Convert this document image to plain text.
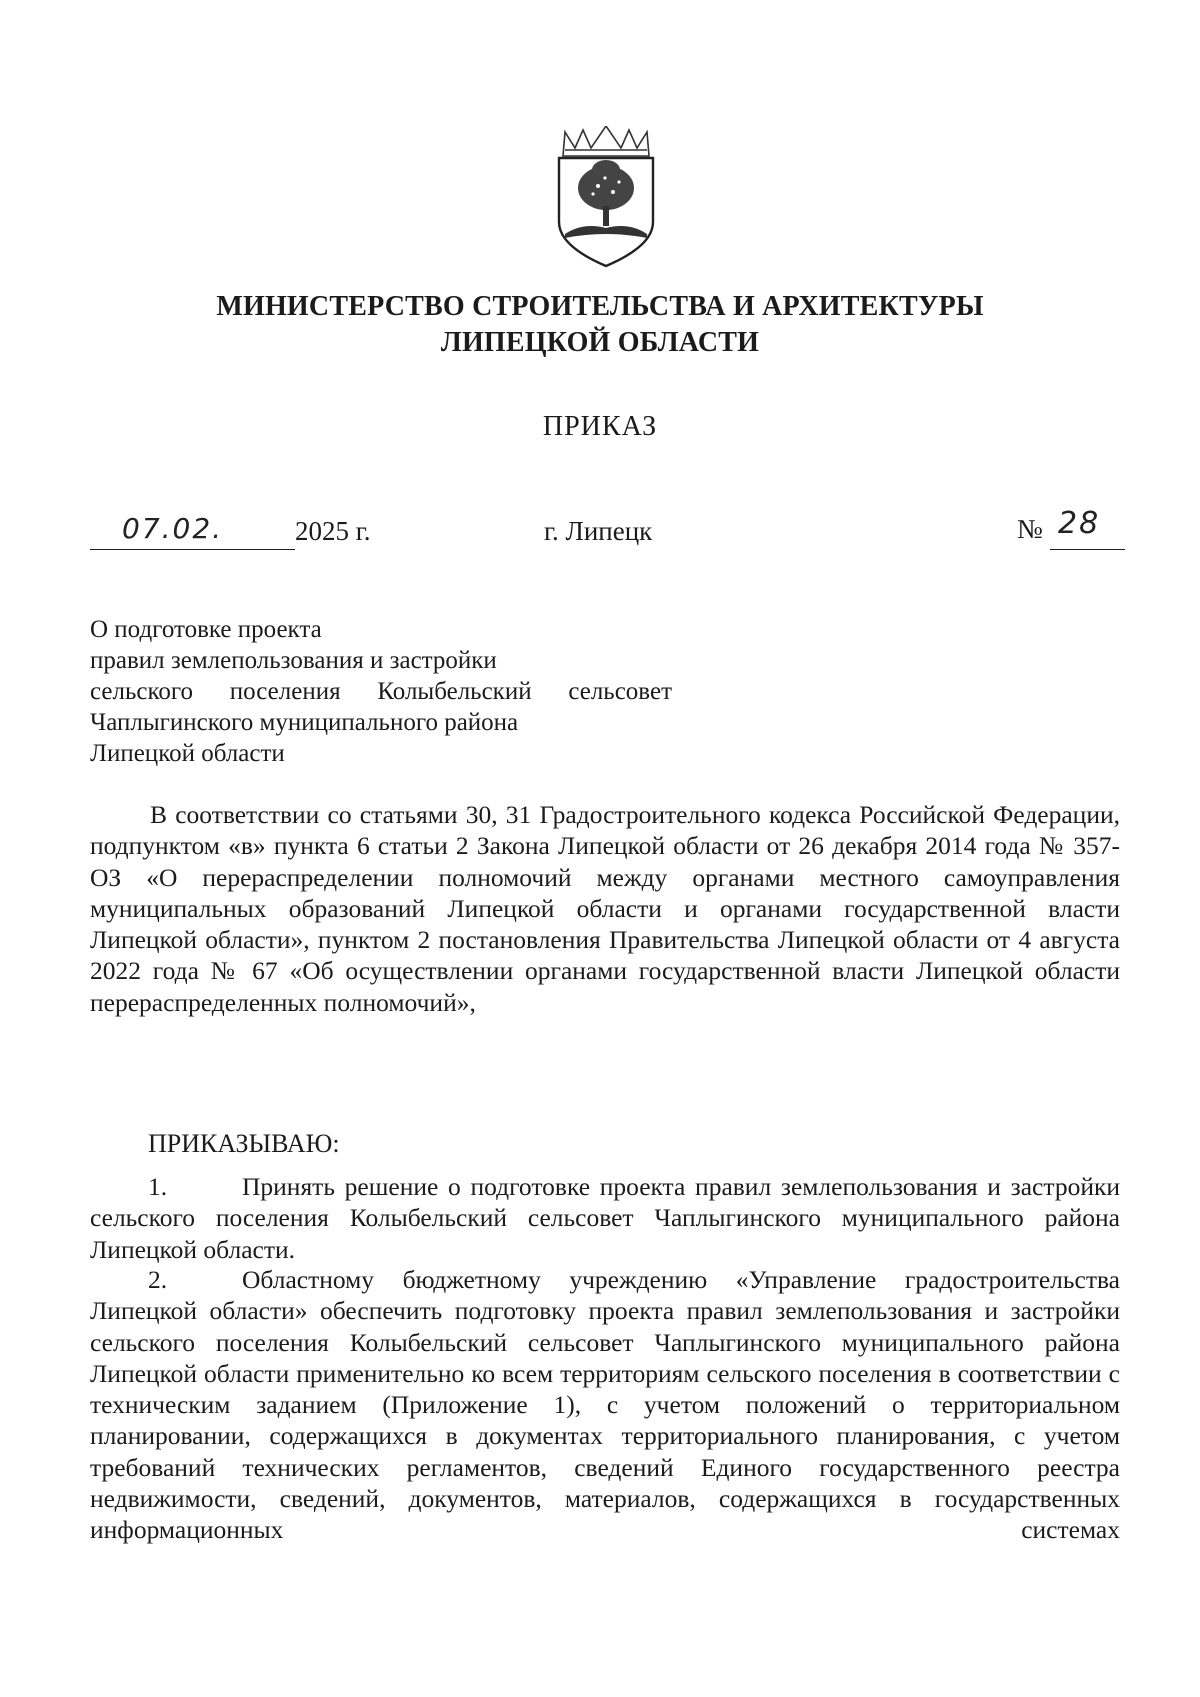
МИНИСТЕРСТВО СТРОИТЕЛЬСТВА И АРХИТЕКТУРЫ
ЛИПЕЦКОЙ ОБЛАСТИ
ПРИКАЗ
07.02.	2025 г.	г. Липецк	№ 28
О подготовке проекта
правил землепользования и застройки
сельского поселения Колыбельский сельсовет
Чаплыгинского муниципального района
Липецкой области
В соответствии со статьями 30, 31 Градостроительного кодекса Российской Федерации, подпунктом «в» пункта 6 статьи 2 Закона Липецкой области от 26 декабря 2014 года № 357-ОЗ «О перераспределении полномочий между органами местного самоуправления муниципальных образований Липецкой области и органами государственной власти Липецкой области», пунктом 2 постановления Правительства Липецкой области от 4 августа 2022 года № 67 «Об осуществлении органами государственной власти Липецкой области перераспределенных полномочий»,
ПРИКАЗЫВАЮ:
1.	Принять решение о подготовке проекта правил землепользования и застройки сельского поселения Колыбельский сельсовет Чаплыгинского муниципального района Липецкой области.
2.	Областному бюджетному учреждению «Управление градостроительства Липецкой области» обеспечить подготовку проекта правил землепользования и застройки сельского поселения Колыбельский сельсовет Чаплыгинского муниципального района Липецкой области применительно ко всем территориям сельского поселения в соответствии с техническим заданием (Приложение 1), с учетом положений о территориальном планировании, содержащихся в документах территориального планирования, с учетом требований технических регламентов, сведений Единого государственного реестра недвижимости, сведений, документов, материалов, содержащихся в государственных информационных системах
